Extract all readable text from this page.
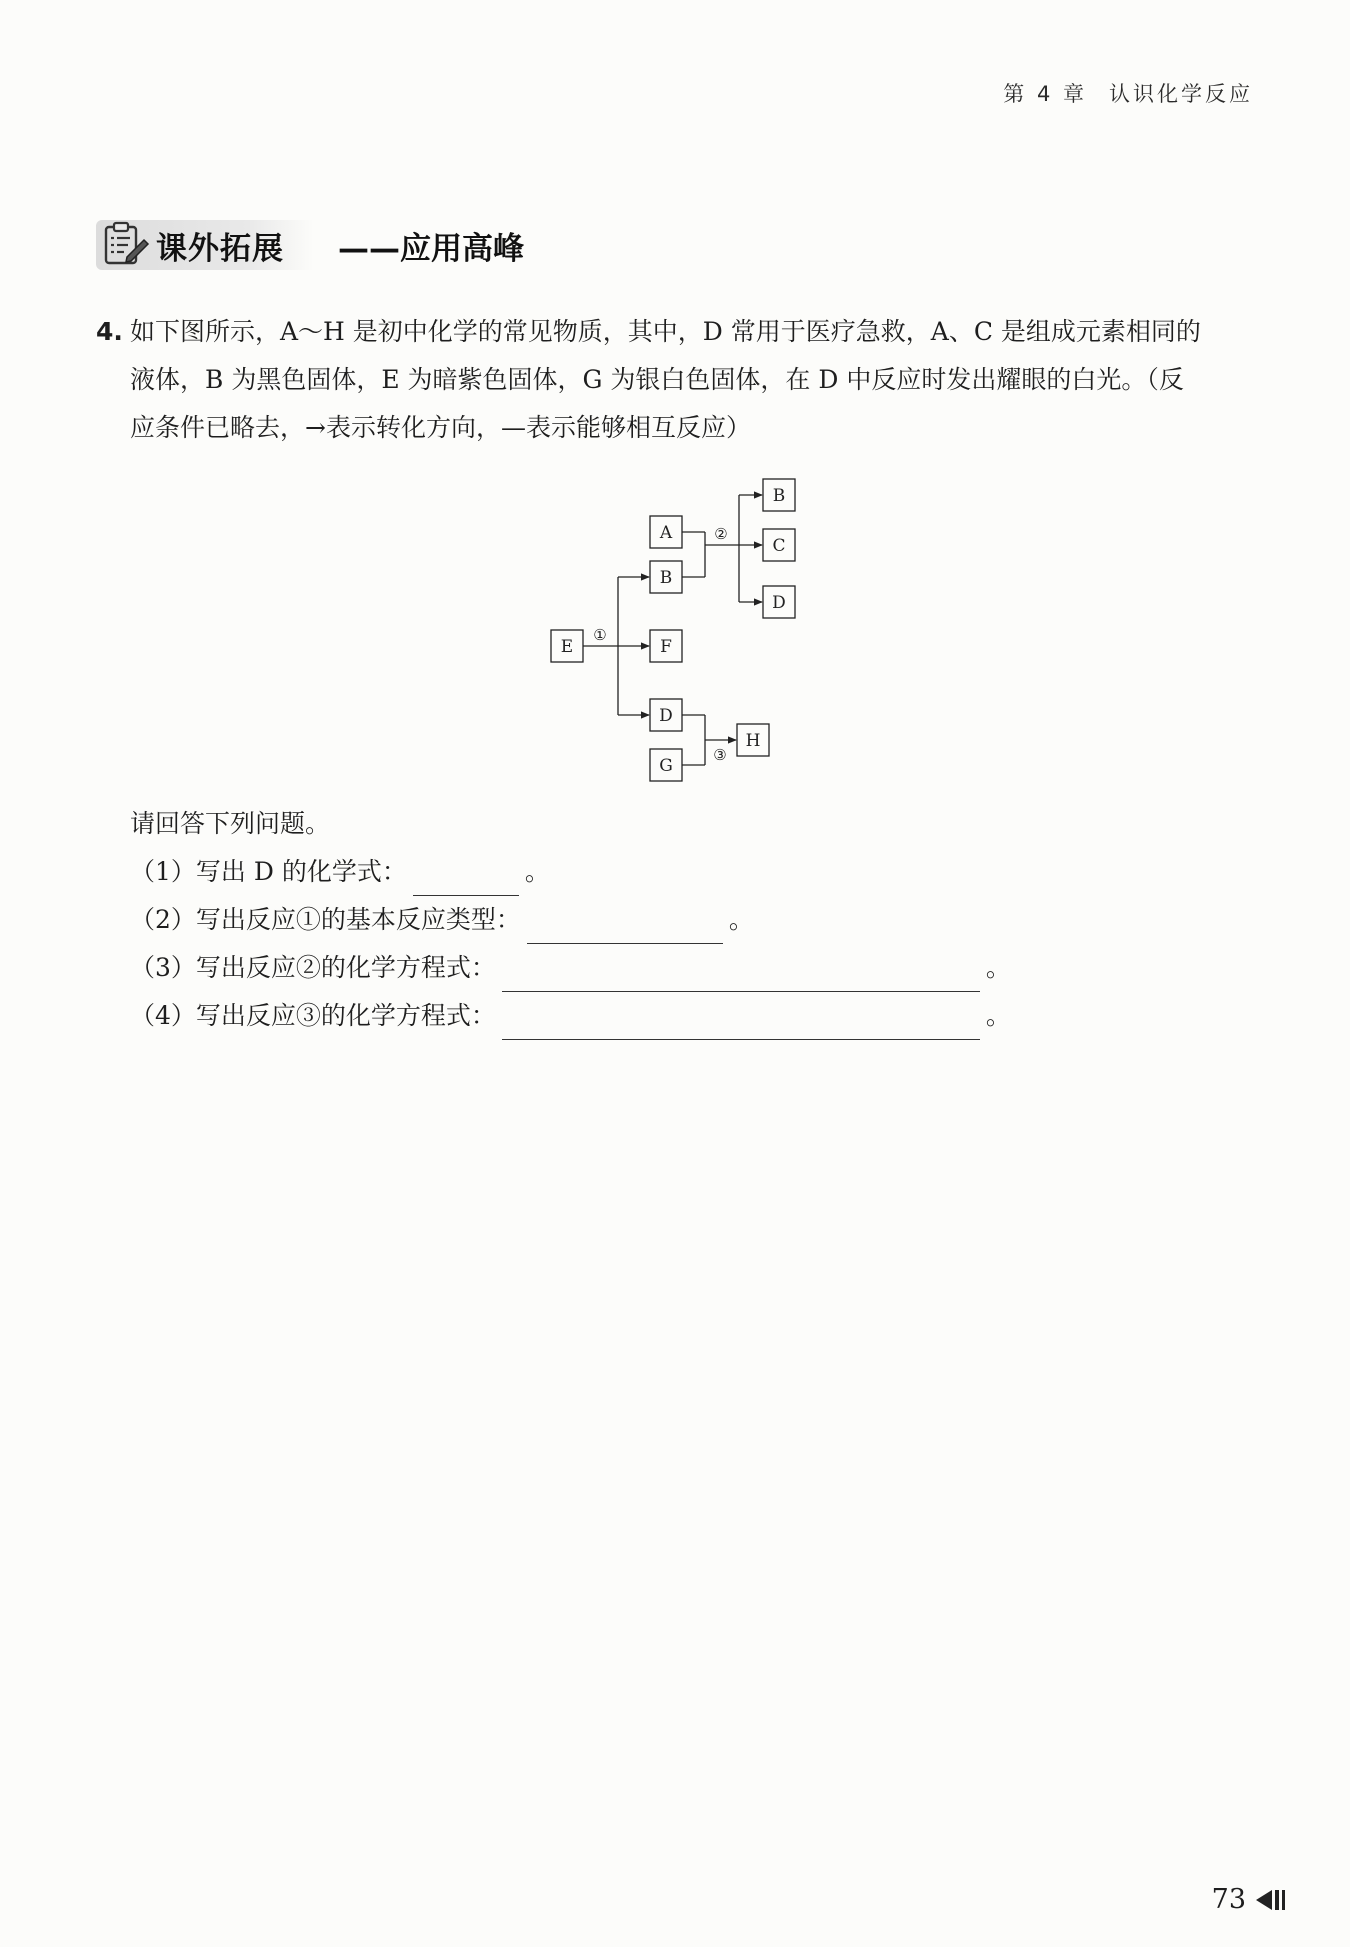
第 4 章 认识化学反应
课外拓展 ——应用高峰
4. 如下图所示，A～H 是初中化学的常见物质，其中，D 常用于医疗急救，A、C 是组成元素相同的
液体，B 为黑色固体，E 为暗紫色固体，G 为银白色固体，在 D 中反应时发出耀眼的白光。（反
应条件已略去，→表示转化方向，—表示能够相互反应）
E
A
B
F
D
G
B
C
D
H
①
②
③
请回答下列问题。
（1）写出 D 的化学式：	。
（2）写出反应①的基本反应类型：	。
（3）写出反应②的化学方程式：	。
（4）写出反应③的化学方程式：	。
73
